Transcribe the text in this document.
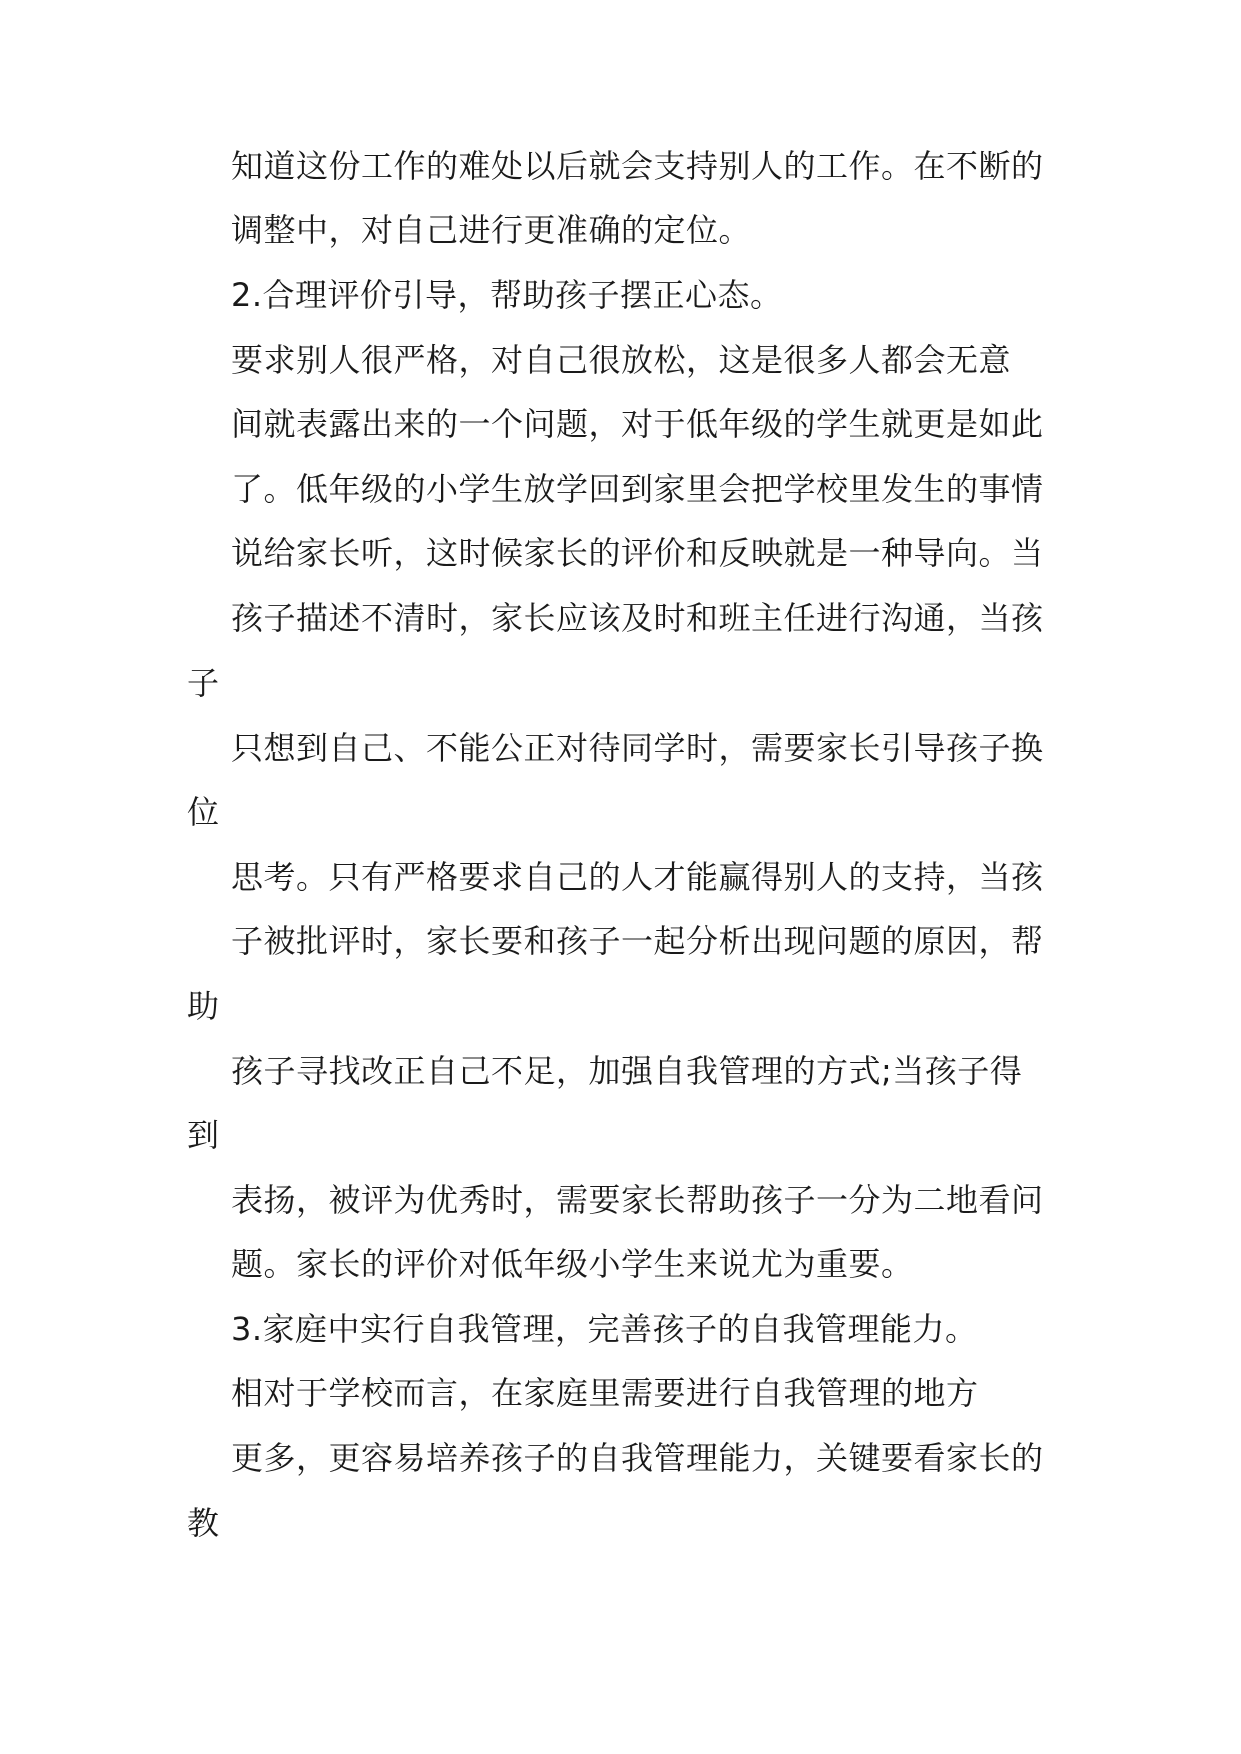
知道这份工作的难处以后就会支持别人的工作。在不断的
调整中，对自己进行更准确的定位。
2.合理评价引导，帮助孩子摆正心态。
要求别人很严格，对自己很放松，这是很多人都会无意
间就表露出来的一个问题，对于低年级的学生就更是如此
了。低年级的小学生放学回到家里会把学校里发生的事情
说给家长听，这时候家长的评价和反映就是一种导向。当
孩子描述不清时，家长应该及时和班主任进行沟通，当孩
子
只想到自己、不能公正对待同学时，需要家长引导孩子换
位
思考。只有严格要求自己的人才能赢得别人的支持，当孩
子被批评时，家长要和孩子一起分析出现问题的原因，帮
助
孩子寻找改正自己不足，加强自我管理的方式;当孩子得
到
表扬，被评为优秀时，需要家长帮助孩子一分为二地看问
题。家长的评价对低年级小学生来说尤为重要。
3.家庭中实行自我管理，完善孩子的自我管理能力。
相对于学校而言，在家庭里需要进行自我管理的地方
更多，更容易培养孩子的自我管理能力，关键要看家长的
教
